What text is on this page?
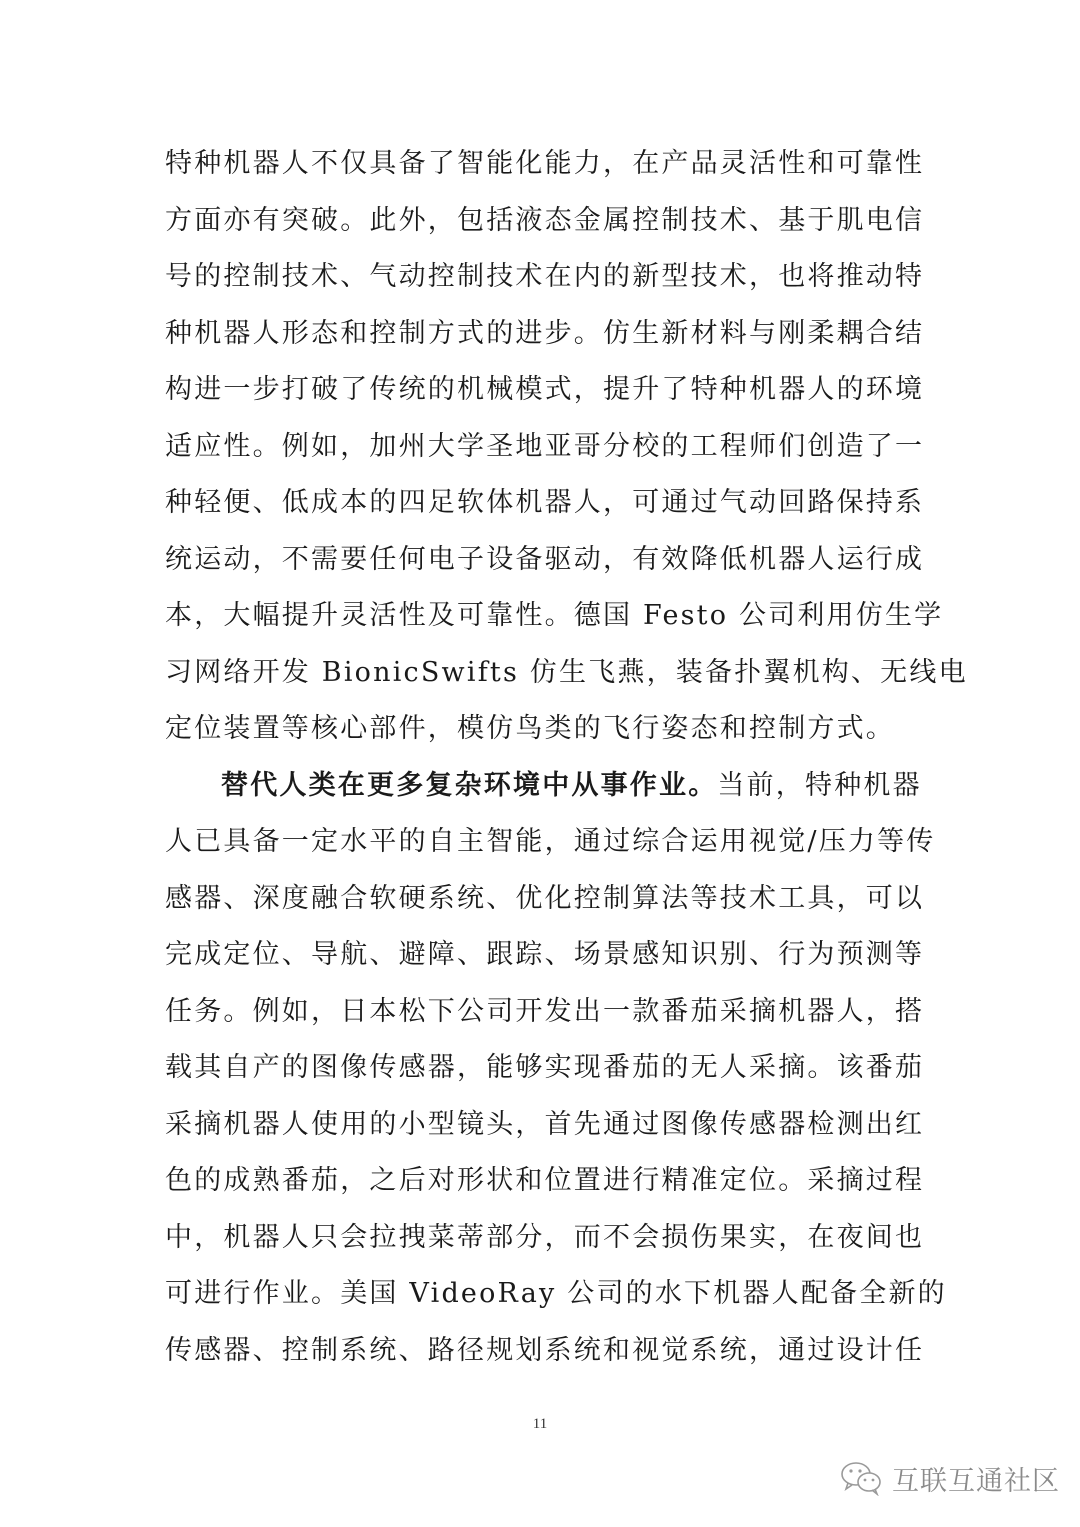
特种机器人不仅具备了智能化能力，在产品灵活性和可靠性
方面亦有突破。此外，包括液态金属控制技术、基于肌电信
号的控制技术、气动控制技术在内的新型技术，也将推动特
种机器人形态和控制方式的进步。仿生新材料与刚柔耦合结
构进一步打破了传统的机械模式，提升了特种机器人的环境
适应性。例如，加州大学圣地亚哥分校的工程师们创造了一
种轻便、低成本的四足软体机器人，可通过气动回路保持系
统运动，不需要任何电子设备驱动，有效降低机器人运行成
本，大幅提升灵活性及可靠性。德国 Festo 公司利用仿生学
习网络开发 BionicSwifts 仿生飞燕，装备扑翼机构、无线电
定位装置等核心部件，模仿鸟类的飞行姿态和控制方式。
替代人类在更多复杂环境中从事作业。当前，特种机器
人已具备一定水平的自主智能，通过综合运用视觉/压力等传
感器、深度融合软硬系统、优化控制算法等技术工具，可以
完成定位、导航、避障、跟踪、场景感知识别、行为预测等
任务。例如，日本松下公司开发出一款番茄采摘机器人，搭
载其自产的图像传感器，能够实现番茄的无人采摘。该番茄
采摘机器人使用的小型镜头，首先通过图像传感器检测出红
色的成熟番茄，之后对形状和位置进行精准定位。采摘过程
中，机器人只会拉拽菜蒂部分，而不会损伤果实，在夜间也
可进行作业。美国 VideoRay 公司的水下机器人配备全新的
传感器、控制系统、路径规划系统和视觉系统，通过设计任
11
互联互通社区
